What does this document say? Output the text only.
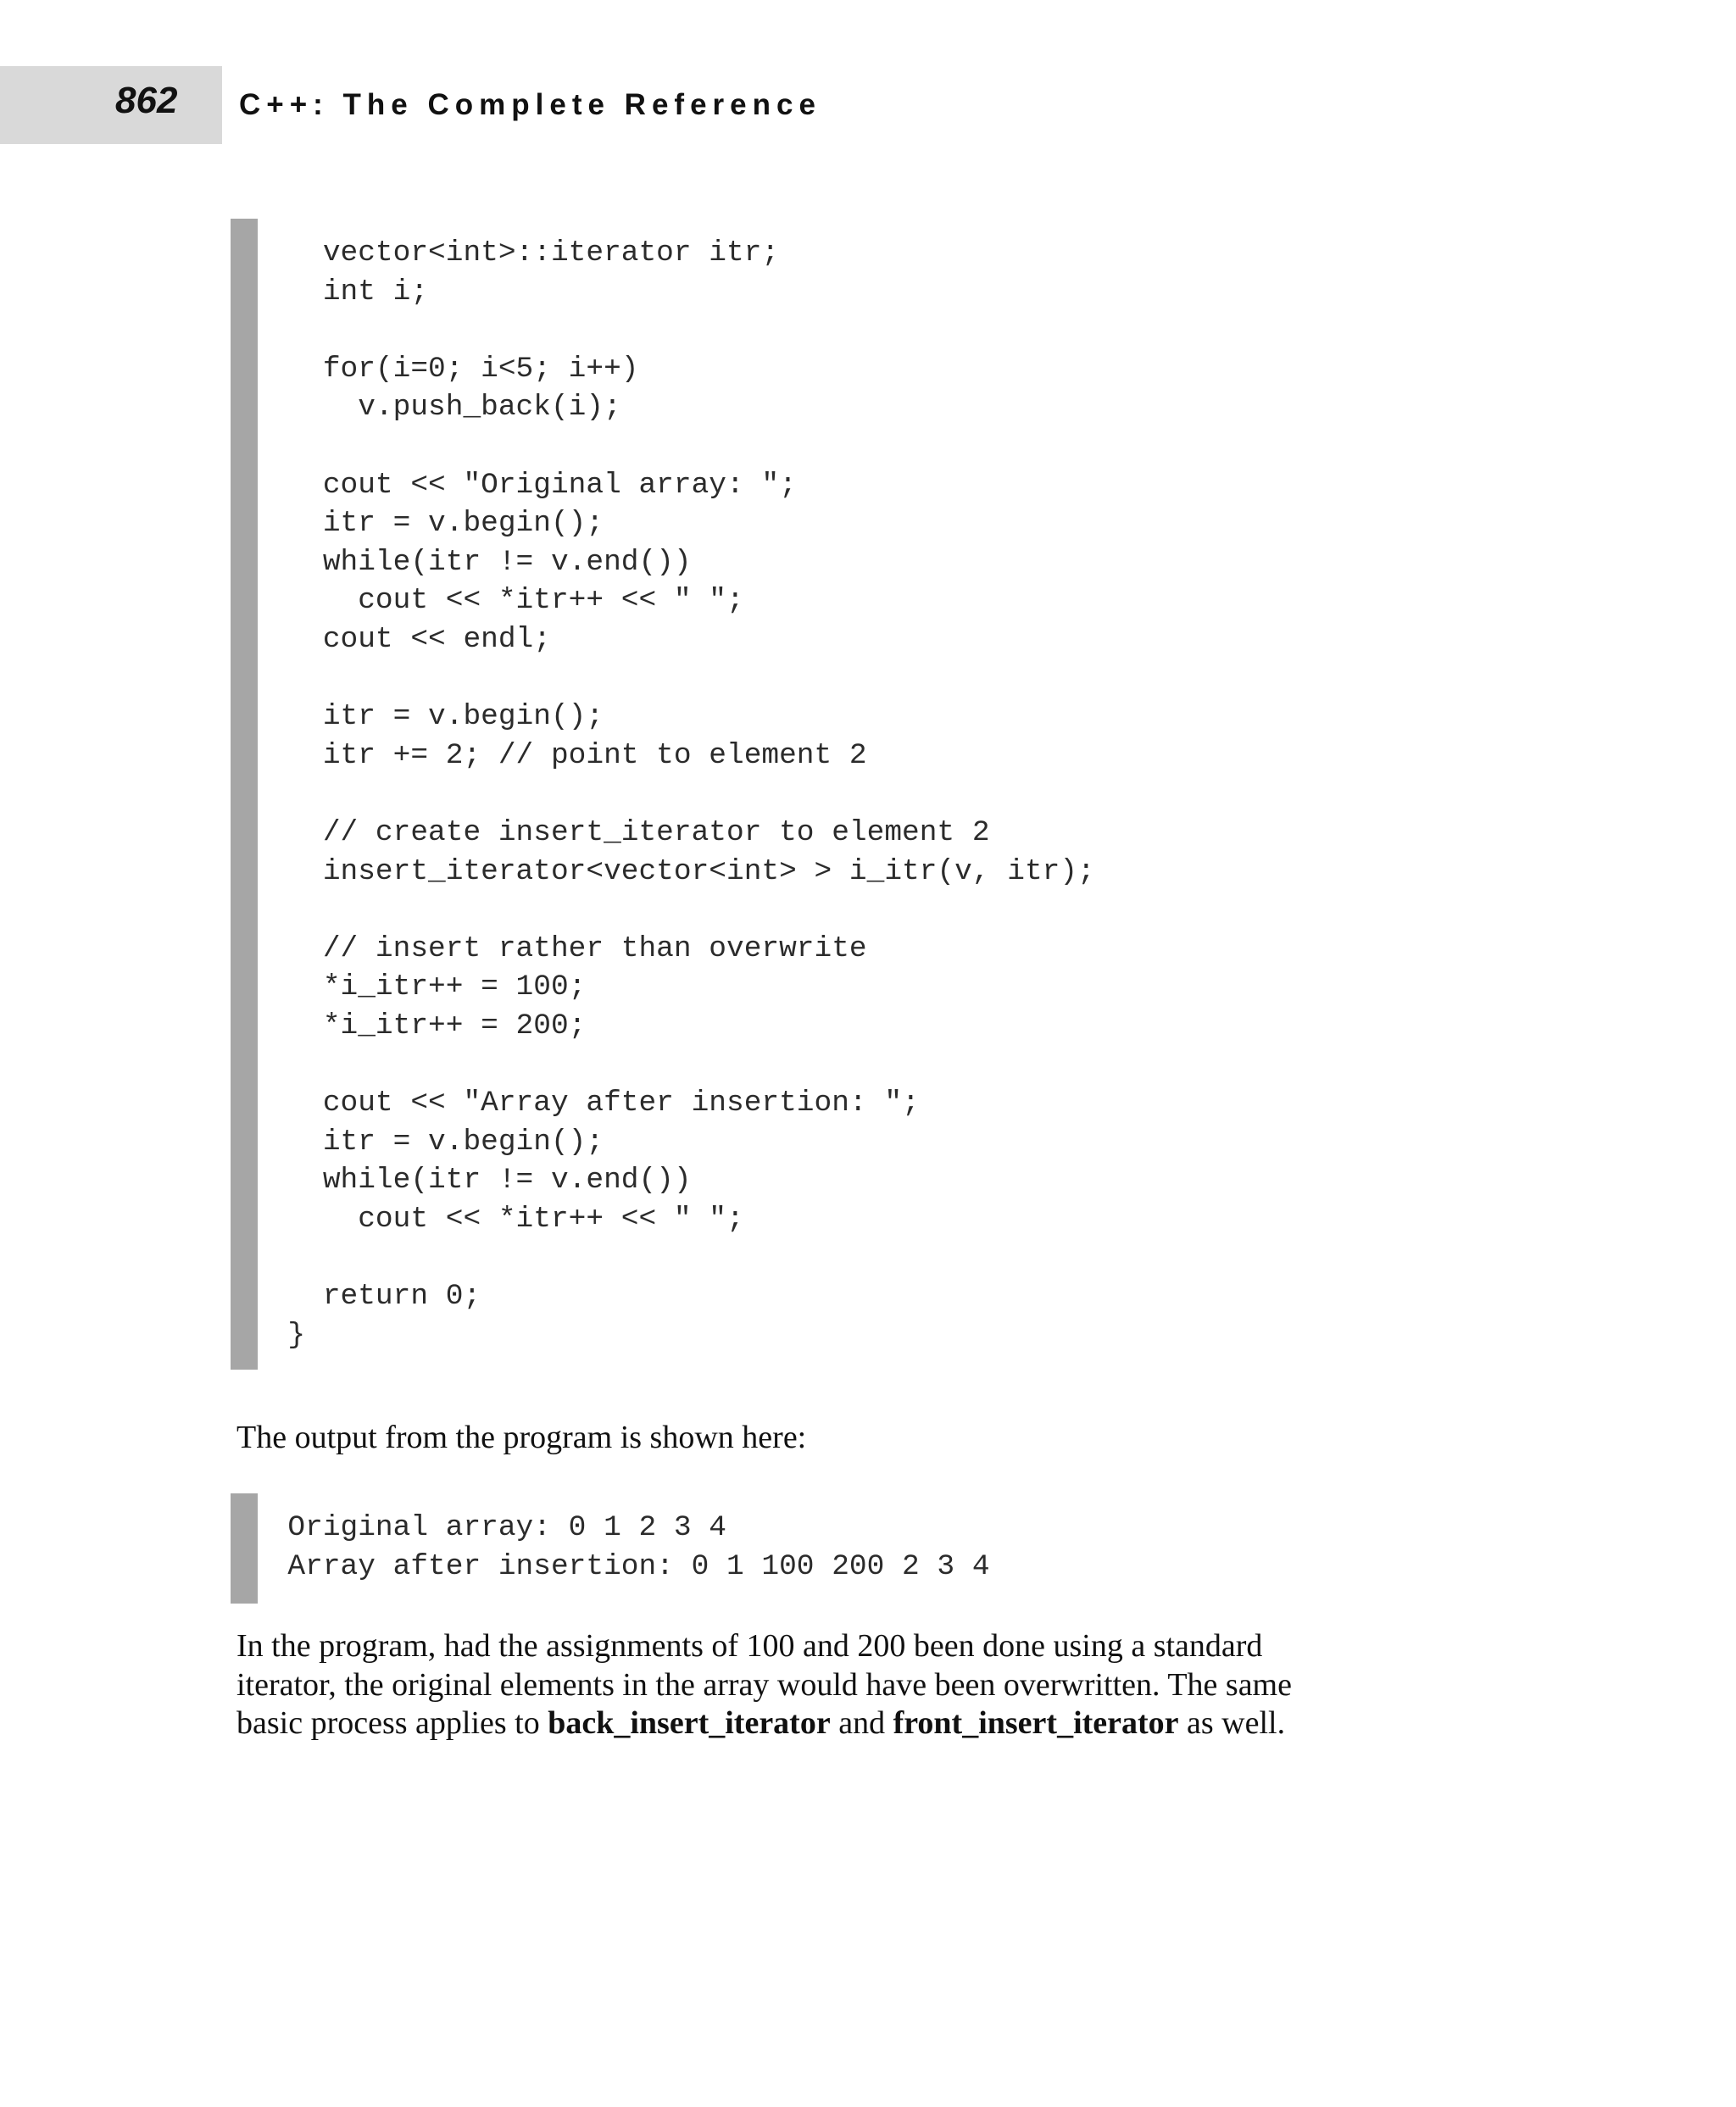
862 C++: The Complete Reference
vector<int>::iterator itr;
int i;

for(i=0; i<5; i++)
v.push_back(i);

cout << "Original array: ";
itr = v.begin();
while(itr != v.end())
cout << *itr++ << " ";
cout << endl;

itr = v.begin();
itr += 2; // point to element 2

// create insert_iterator to element 2
insert_iterator<vector<int> > i_itr(v, itr);

// insert rather than overwrite
*i_itr++ = 100;
*i_itr++ = 200;

cout << "Array after insertion: ";
itr = v.begin();
while(itr != v.end())
cout << *itr++ << " ";

return 0;
}
The output from the program is shown here:
Original array: 0 1 2 3 4
Array after insertion: 0 1 100 200 2 3 4
In the program, had the assignments of 100 and 200 been done using a standard
iterator, the original elements in the array would have been overwritten. The same
basic process applies to back_insert_iterator and front_insert_iterator as well.
